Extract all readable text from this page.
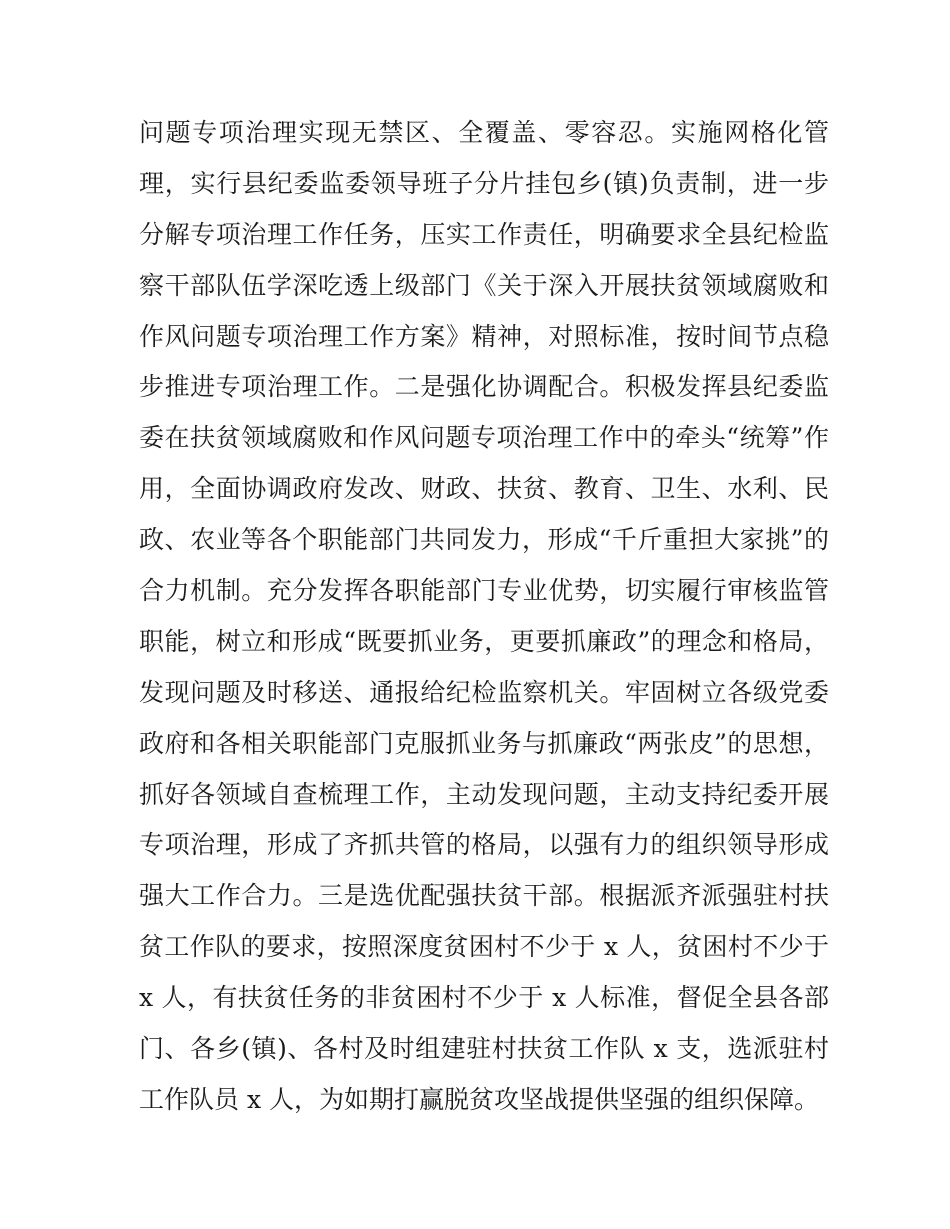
问题专项治理实现无禁区、全覆盖、零容忍。实施网格化管
理，实行县纪委监委领导班子分片挂包乡(镇)负责制，进一步
分解专项治理工作任务，压实工作责任，明确要求全县纪检监
察干部队伍学深吃透上级部门《关于深入开展扶贫领域腐败和
作风问题专项治理工作方案》精神，对照标准，按时间节点稳
步推进专项治理工作。二是强化协调配合。积极发挥县纪委监
委在扶贫领域腐败和作风问题专项治理工作中的牵头“统筹”作
用，全面协调政府发改、财政、扶贫、教育、卫生、水利、民
政、农业等各个职能部门共同发力，形成“千斤重担大家挑”的
合力机制。充分发挥各职能部门专业优势，切实履行审核监管
职能，树立和形成“既要抓业务，更要抓廉政”的理念和格局，
发现问题及时移送、通报给纪检监察机关。牢固树立各级党委
政府和各相关职能部门克服抓业务与抓廉政“两张皮”的思想，
抓好各领域自查梳理工作，主动发现问题，主动支持纪委开展
专项治理，形成了齐抓共管的格局，以强有力的组织领导形成
强大工作合力。三是选优配强扶贫干部。根据派齐派强驻村扶
贫工作队的要求，按照深度贫困村不少于 x 人，贫困村不少于
x 人，有扶贫任务的非贫困村不少于 x 人标准，督促全县各部
门、各乡(镇)、各村及时组建驻村扶贫工作队 x 支，选派驻村
工作队员 x 人，为如期打赢脱贫攻坚战提供坚强的组织保障。
